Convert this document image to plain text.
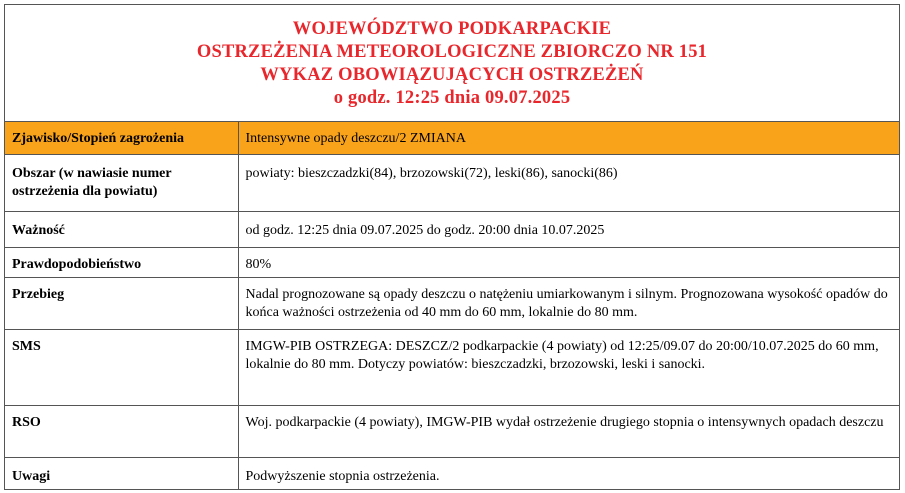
WOJEWÓDZTWO PODKARPACKIE
OSTRZEŻENIA METEOROLOGICZNE ZBIORCZO NR 151
WYKAZ OBOWIĄZUJĄCYCH OSTRZEŻEŃ
o godz. 12:25 dnia 09.07.2025
Zjawisko/Stopień zagrożenia	Intensywne opady deszczu/2 ZMIANA
Obszar (w nawiasie numer ostrzeżenia dla powiatu)	powiaty: bieszczadzki(84), brzozowski(72), leski(86), sanocki(86)
Ważność	od godz. 12:25 dnia 09.07.2025 do godz. 20:00 dnia 10.07.2025
Prawdopodobieństwo	80%
Przebieg	Nadal prognozowane są opady deszczu o natężeniu umiarkowanym i silnym. Prognozowana wysokość opadów do końca ważności ostrzeżenia od 40 mm do 60 mm, lokalnie do 80 mm.
SMS	IMGW-PIB OSTRZEGA: DESZCZ/2 podkarpackie (4 powiaty) od 12:25/09.07 do 20:00/10.07.2025 do 60 mm, lokalnie do 80 mm. Dotyczy powiatów: bieszczadzki, brzozowski, leski i sanocki.
RSO	Woj. podkarpackie (4 powiaty), IMGW-PIB wydał ostrzeżenie drugiego stopnia o intensywnych opadach deszczu
Uwagi	Podwyższenie stopnia ostrzeżenia.
